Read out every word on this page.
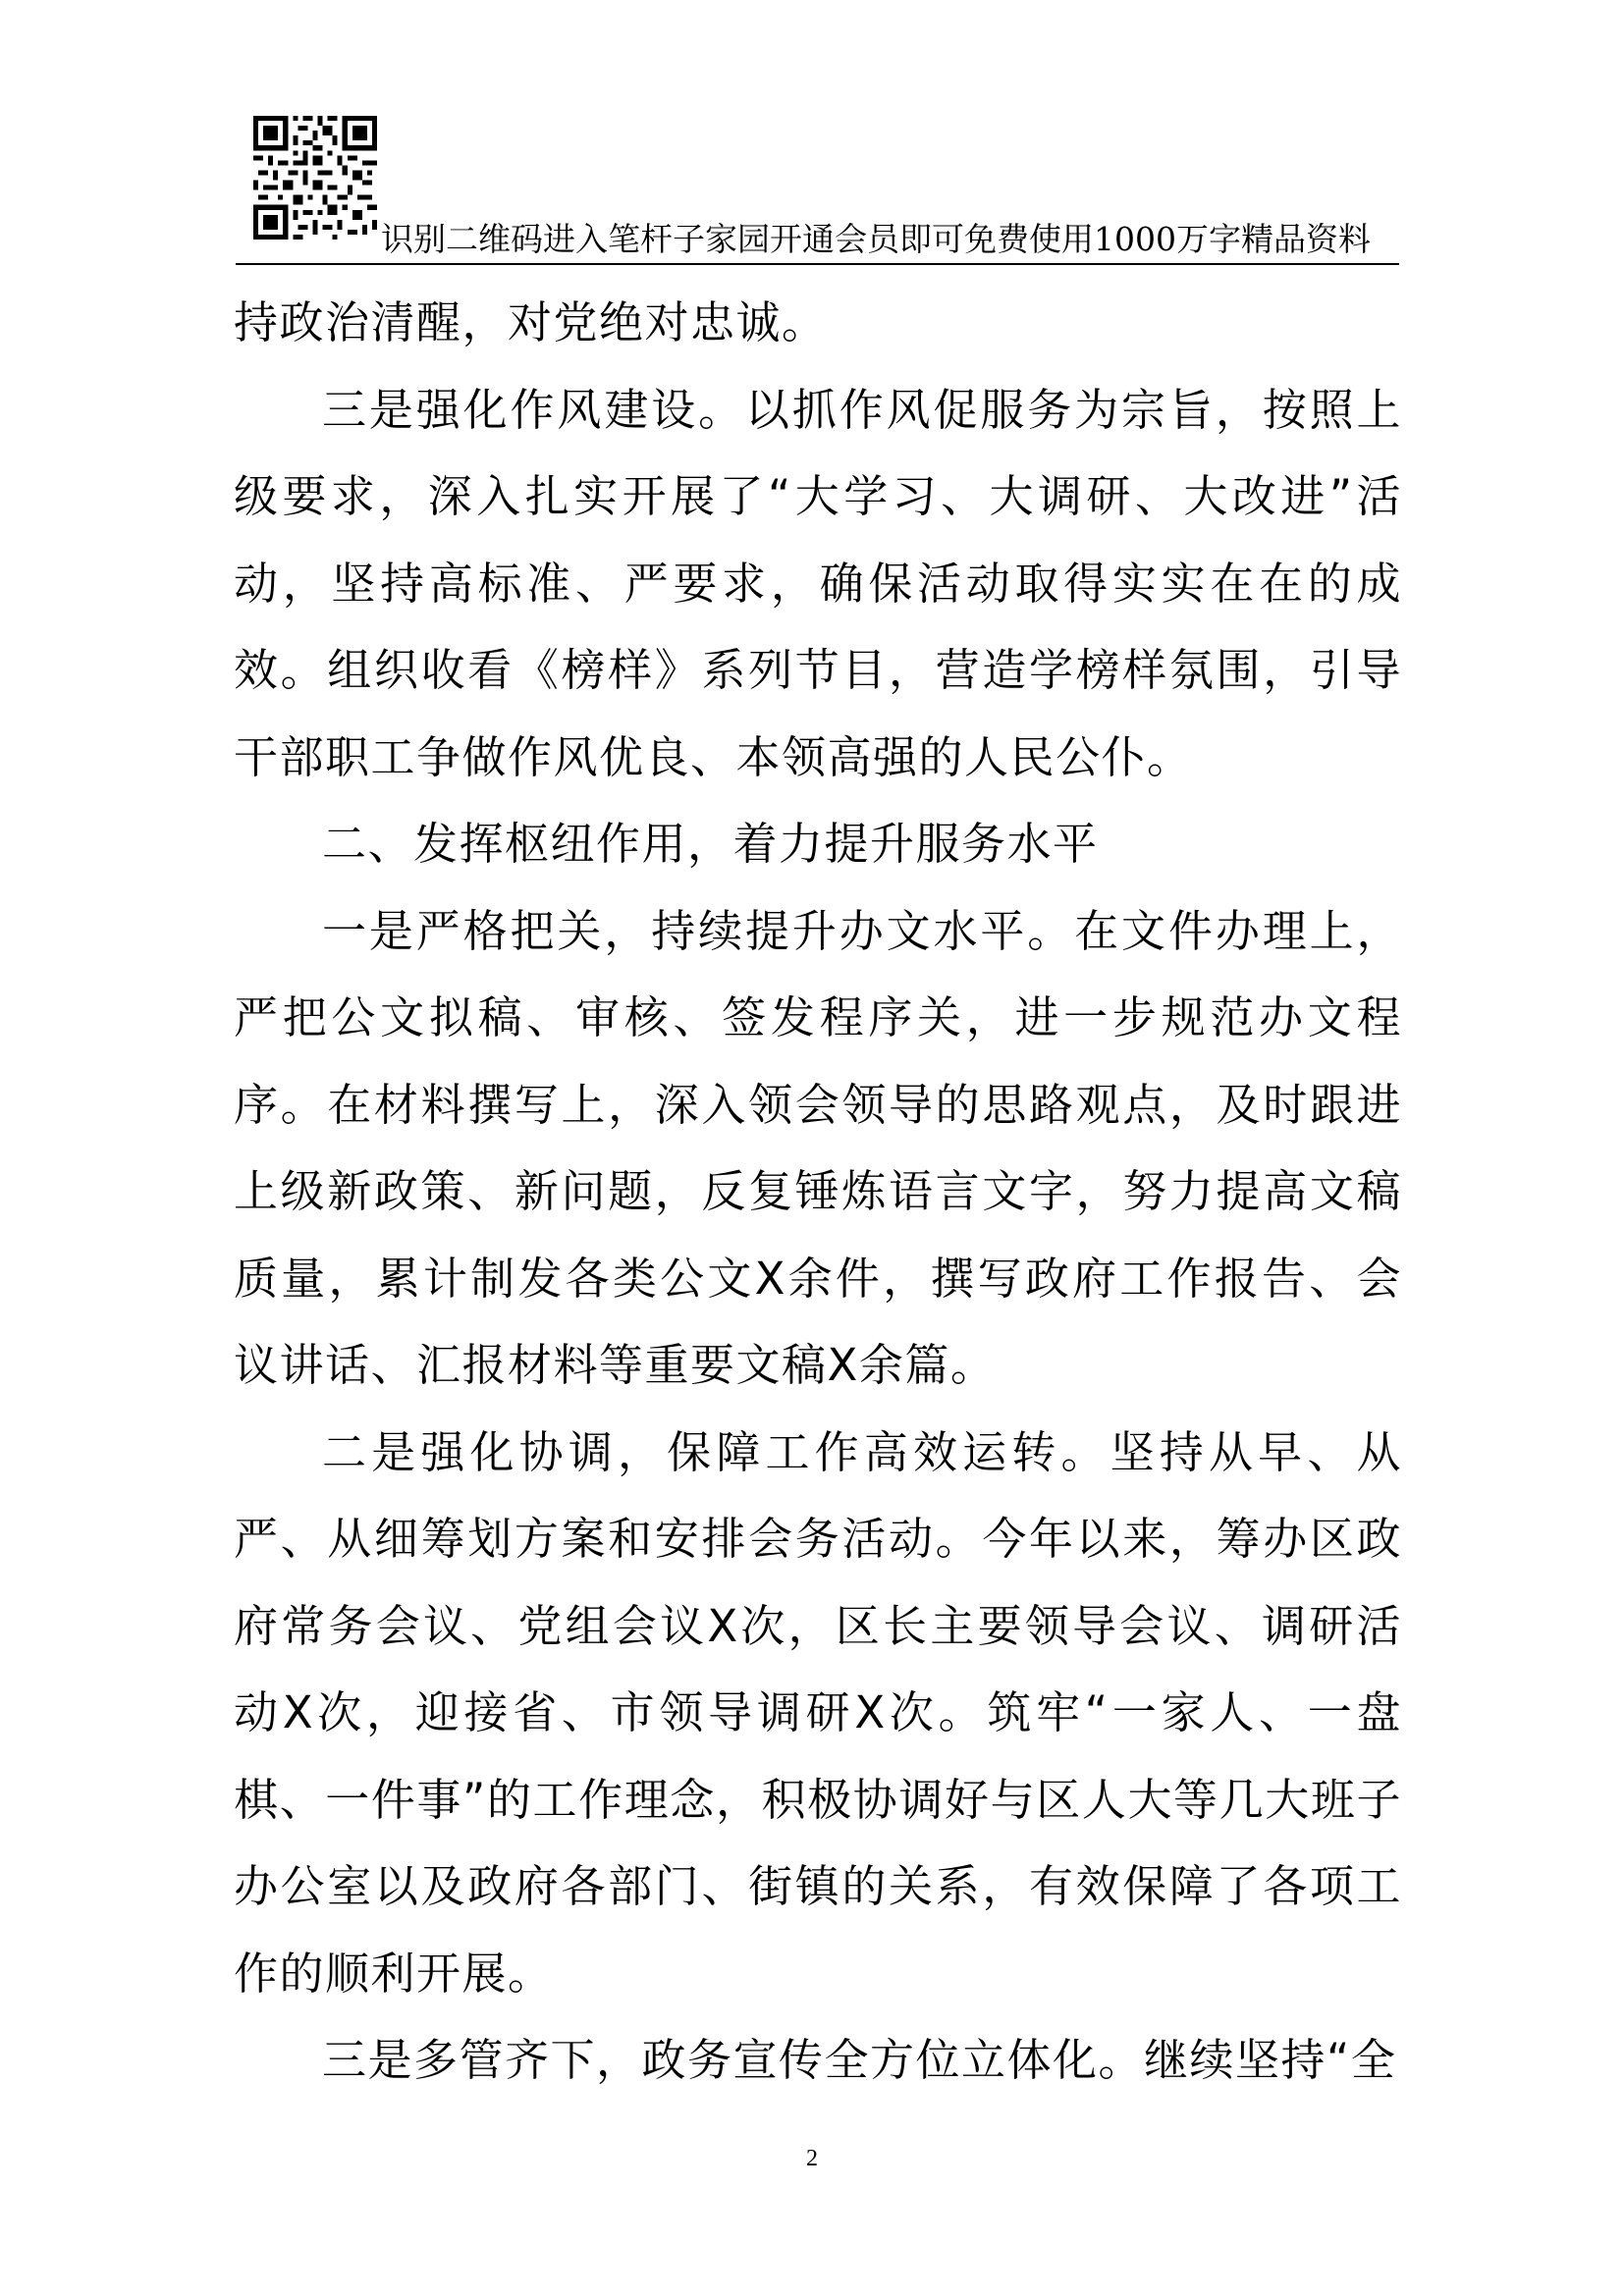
识别二维码进入笔杆子家园开通会员即可免费使用1000万字精品资料

持政治清醒，对党绝对忠诚。

三是强化作风建设。以抓作风促服务为宗旨，按照上级要求，深入扎实开展了“大学习、大调研、大改进”活动，坚持高标准、严要求，确保活动取得实实在在的成效。组织收看《榜样》系列节目，营造学榜样氛围，引导干部职工争做作风优良、本领高强的人民公仆。

二、发挥枢纽作用，着力提升服务水平

一是严格把关，持续提升办文水平。在文件办理上，严把公文拟稿、审核、签发程序关，进一步规范办文程序。在材料撰写上，深入领会领导的思路观点，及时跟进上级新政策、新问题，反复锤炼语言文字，努力提高文稿质量，累计制发各类公文X余件，撰写政府工作报告、会议讲话、汇报材料等重要文稿X余篇。

二是强化协调，保障工作高效运转。坚持从早、从严、从细筹划方案和安排会务活动。今年以来，筹办区政府常务会议、党组会议X次，区长主要领导会议、调研活动X次，迎接省、市领导调研X次。筑牢“一家人、一盘棋、一件事”的工作理念，积极协调好与区人大等几大班子办公室以及政府各部门、街镇的关系，有效保障了各项工作的顺利开展。

三是多管齐下，政务宣传全方位立体化。继续坚持“全

2
